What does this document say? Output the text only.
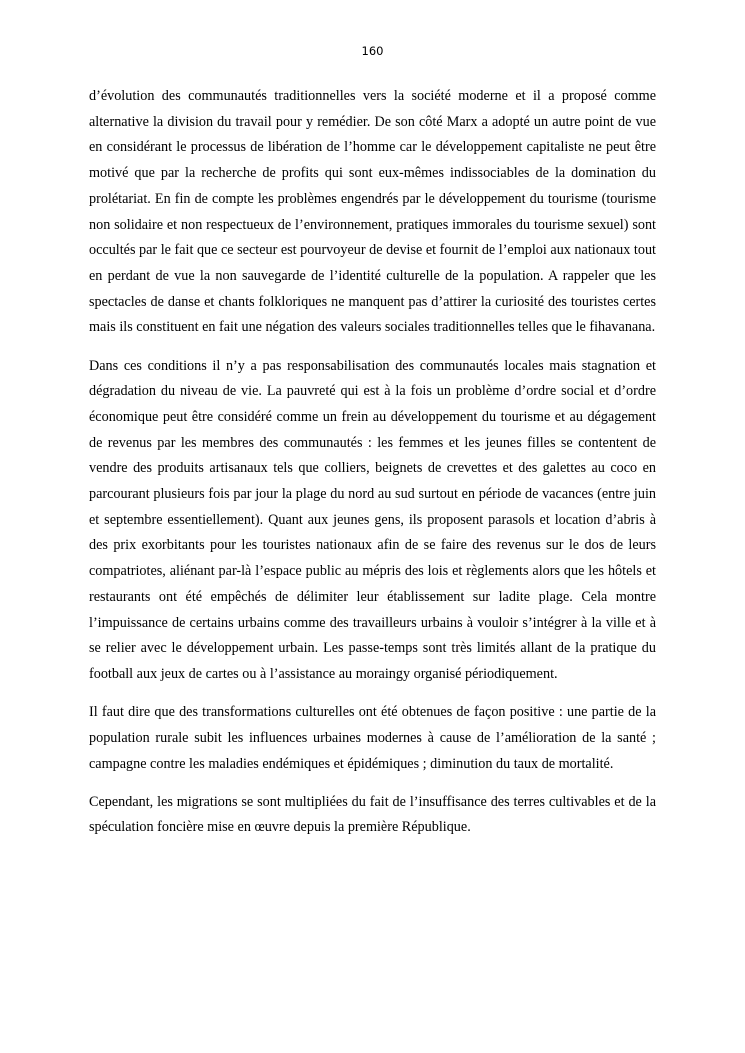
160

d’évolution des communautés traditionnelles vers la société moderne et il a proposé comme alternative la division du travail pour y remédier. De son côté Marx a adopté un autre point de vue en considérant le processus de libération de l’homme car le développement capitaliste ne peut être motivé que par la recherche de profits qui sont eux-mêmes indissociables de la domination du prolétariat. En fin de compte les problèmes engendrés par le développement du tourisme (tourisme non solidaire et non respectueux de l’environnement, pratiques immorales du tourisme sexuel) sont occultés par le fait que ce secteur est pourvoyeur de devise et fournit de l’emploi aux nationaux tout en perdant de vue la non sauvegarde de l’identité culturelle de la population. A rappeler que les spectacles de danse et chants folkloriques ne manquent pas d’attirer la curiosité des touristes certes mais ils constituent en fait une négation des valeurs sociales traditionnelles telles que le fihavanana.

Dans ces conditions il n’y a pas responsabilisation des communautés locales mais stagnation et dégradation du niveau de vie. La pauvreté qui est à la fois un problème d’ordre social et d’ordre économique peut être considéré comme un frein au développement du tourisme et au dégagement de revenus par les membres des communautés : les femmes et les jeunes filles se contentent de vendre des produits artisanaux tels que colliers, beignets de crevettes et des galettes au coco en parcourant plusieurs fois par jour la plage du nord au sud surtout en période de vacances (entre juin et septembre essentiellement). Quant aux jeunes gens, ils proposent parasols et location d’abris à des prix exorbitants pour les touristes nationaux afin de se faire des revenus sur le dos de leurs compatriotes, aliénant par-là l’espace public au mépris des lois et règlements alors que les hôtels et restaurants ont été empêchés de délimiter leur établissement sur ladite plage. Cela montre l’impuissance de certains urbains comme des travailleurs urbains à vouloir s’intégrer à la ville et à se relier avec le développement urbain. Les passe-temps sont très limités allant de la pratique du football aux jeux de cartes ou à l’assistance au moraingy organisé périodiquement.

Il faut dire que des transformations culturelles ont été obtenues de façon positive : une partie de la population rurale subit les influences urbaines modernes à cause de l’amélioration de la santé ; campagne contre les maladies endémiques et épidémiques ; diminution du taux de mortalité.

Cependant, les migrations se sont multipliées du fait de l’insuffisance des terres cultivables et de la spéculation foncière mise en œuvre depuis la première République.
